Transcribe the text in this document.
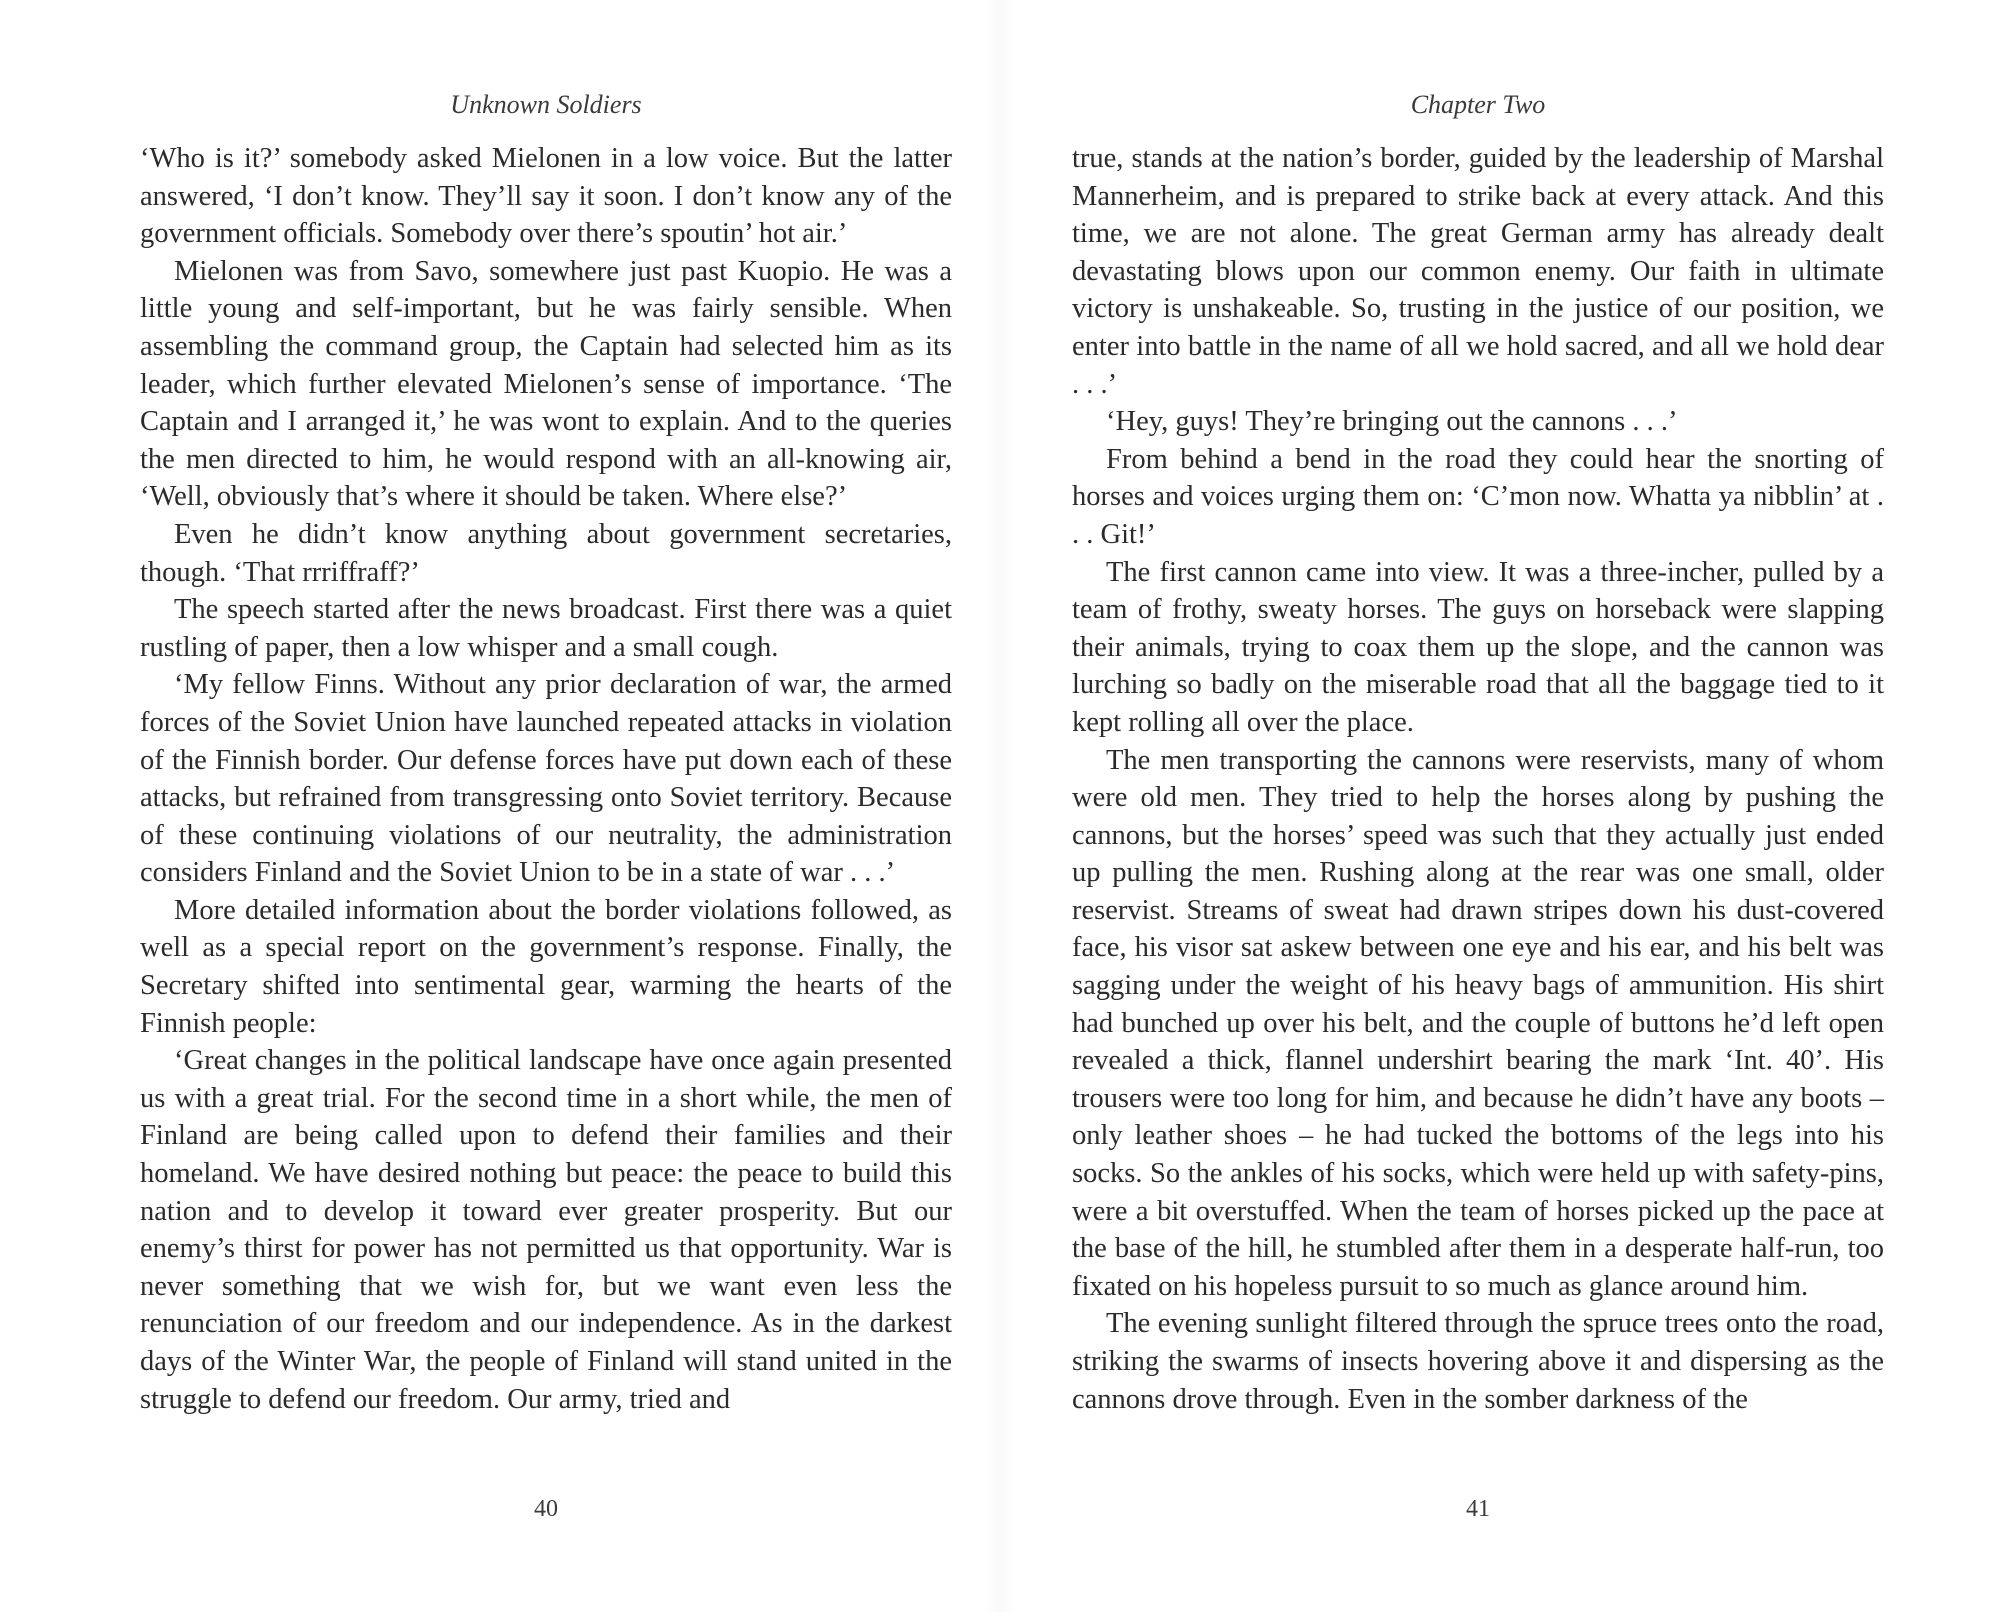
Unknown Soldiers

‘Who is it?’ somebody asked Mielonen in a low voice. But the latter answered, ‘I don’t know. They’ll say it soon. I don’t know any of the government officials. Somebody over there’s spoutin’ hot air.’

Mielonen was from Savo, somewhere just past Kuopio. He was a little young and self-important, but he was fairly sensible. When assembling the command group, the Captain had selected him as its leader, which further elevated Mielonen’s sense of importance. ‘The Captain and I arranged it,’ he was wont to explain. And to the queries the men directed to him, he would respond with an all-knowing air, ‘Well, obviously that’s where it should be taken. Where else?’

Even he didn’t know anything about government secretaries, though. ‘That rrriffraff?’

The speech started after the news broadcast. First there was a quiet rustling of paper, then a low whisper and a small cough.

‘My fellow Finns. Without any prior declaration of war, the armed forces of the Soviet Union have launched repeated attacks in violation of the Finnish border. Our defense forces have put down each of these attacks, but refrained from transgressing onto Soviet territory. Because of these continuing violations of our neutrality, the administration considers Finland and the Soviet Union to be in a state of war . . .’

More detailed information about the border violations followed, as well as a special report on the government’s response. Finally, the Secretary shifted into sentimental gear, warming the hearts of the Finnish people:

‘Great changes in the political landscape have once again presented us with a great trial. For the second time in a short while, the men of Finland are being called upon to defend their families and their homeland. We have desired nothing but peace: the peace to build this nation and to develop it toward ever greater prosperity. But our enemy’s thirst for power has not permitted us that opportunity. War is never something that we wish for, but we want even less the renunciation of our freedom and our independence. As in the darkest days of the Winter War, the people of Finland will stand united in the struggle to defend our freedom. Our army, tried and

40
Chapter Two

true, stands at the nation’s border, guided by the leadership of Marshal Mannerheim, and is prepared to strike back at every attack. And this time, we are not alone. The great German army has already dealt devastating blows upon our common enemy. Our faith in ultimate victory is unshakeable. So, trusting in the justice of our position, we enter into battle in the name of all we hold sacred, and all we hold dear . . .’

‘Hey, guys! They’re bringing out the cannons . . .’

From behind a bend in the road they could hear the snorting of horses and voices urging them on: ‘C’mon now. Whatta ya nibblin’ at . . . Git!’

The first cannon came into view. It was a three-incher, pulled by a team of frothy, sweaty horses. The guys on horseback were slapping their animals, trying to coax them up the slope, and the cannon was lurching so badly on the miserable road that all the baggage tied to it kept rolling all over the place.

The men transporting the cannons were reservists, many of whom were old men. They tried to help the horses along by pushing the cannons, but the horses’ speed was such that they actually just ended up pulling the men. Rushing along at the rear was one small, older reservist. Streams of sweat had drawn stripes down his dust-covered face, his visor sat askew between one eye and his ear, and his belt was sagging under the weight of his heavy bags of ammunition. His shirt had bunched up over his belt, and the couple of buttons he’d left open revealed a thick, flannel undershirt bearing the mark ‘Int. 40’. His trousers were too long for him, and because he didn’t have any boots – only leather shoes – he had tucked the bottoms of the legs into his socks. So the ankles of his socks, which were held up with safety-pins, were a bit overstuffed. When the team of horses picked up the pace at the base of the hill, he stumbled after them in a desperate half-run, too fixated on his hopeless pursuit to so much as glance around him.

The evening sunlight filtered through the spruce trees onto the road, striking the swarms of insects hovering above it and dispersing as the cannons drove through. Even in the somber darkness of the

41
